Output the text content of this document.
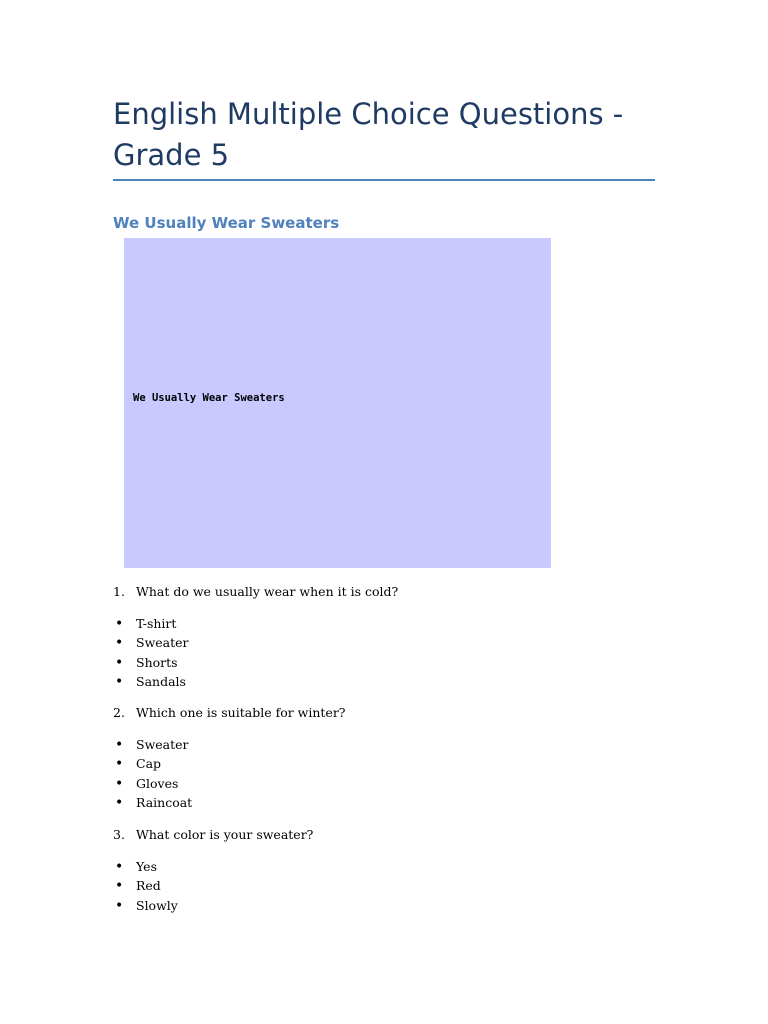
English Multiple Choice Questions - Grade 5
We Usually Wear Sweaters
We Usually Wear Sweaters

1. What do we usually wear when it is cold?

• T-shirt
• Sweater
• Shorts
• Sandals

2. Which one is suitable for winter?

• Sweater
• Cap
• Gloves
• Raincoat

3. What color is your sweater?

• Yes
• Red
• Slowly
